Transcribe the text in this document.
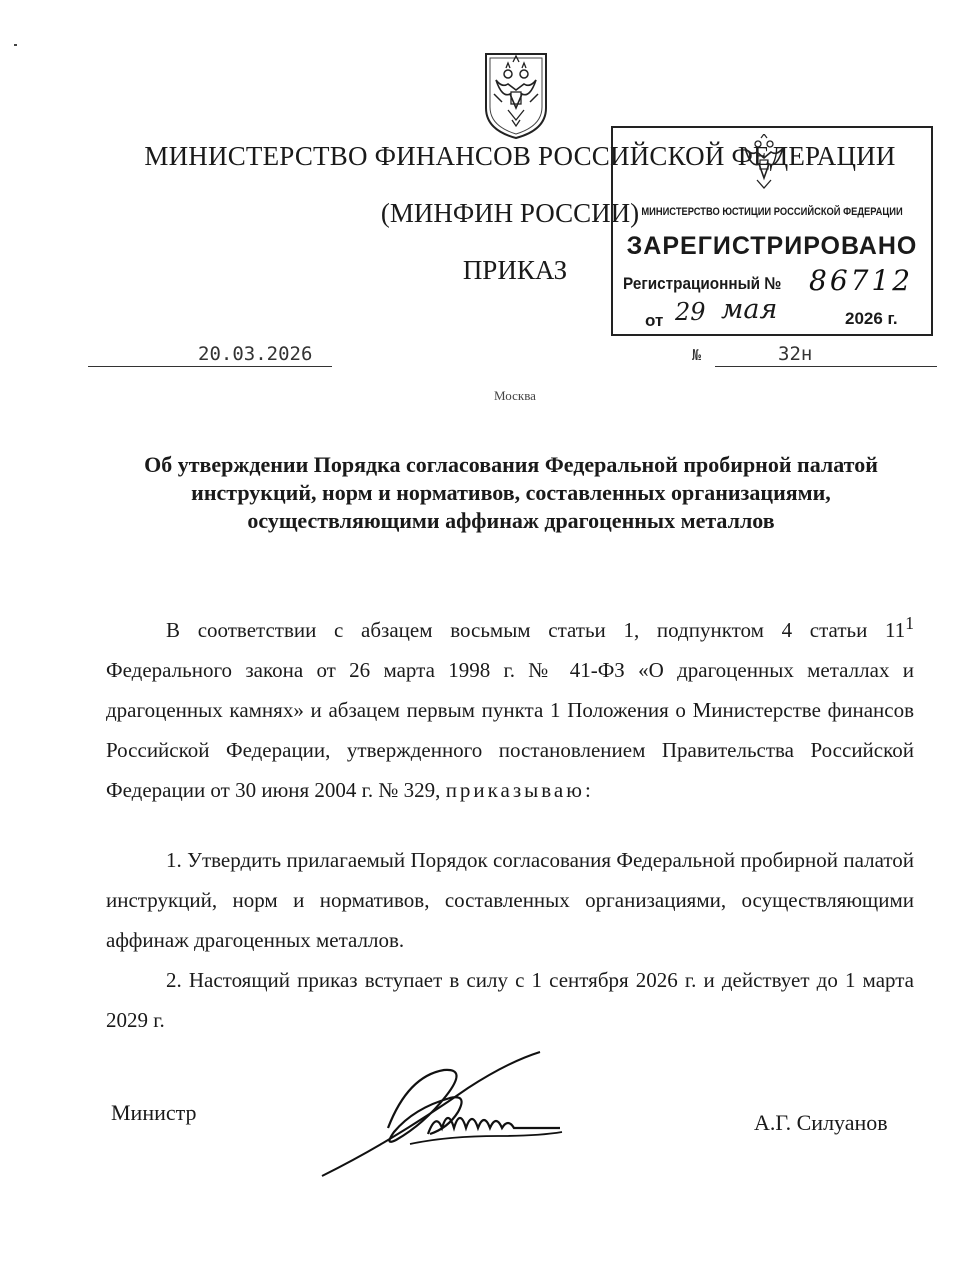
МИНИСТЕРСТВО ФИНАНСОВ РОССИЙСКОЙ ФЕДЕРАЦИИ
(МИНФИН РОССИИ)
ПРИКАЗ
20.03.2026	№	32н
Москва
МИНИСТЕРСТВО ЮСТИЦИИ РОССИЙСКОЙ ФЕДЕРАЦИИ
ЗАРЕГИСТРИРОВАНО
Регистрационный № 86712
от 29 мая	2026 г.
Об утверждении Порядка согласования Федеральной пробирной палатой инструкций, норм и нормативов, составленных организациями, осуществляющими аффинаж драгоценных металлов
В соответствии с абзацем восьмым статьи 1, подпунктом 4 статьи $11^1$ Федерального закона от 26 марта 1998 г. № 41-ФЗ «О драгоценных металлах и драгоценных камнях» и абзацем первым пункта 1 Положения о Министерстве финансов Российской Федерации, утвержденного постановлением Правительства Российской Федерации от 30 июня 2004 г. № 329, приказываю:
1. Утвердить прилагаемый Порядок согласования Федеральной пробирной палатой инструкций, норм и нормативов, составленных организациями, осуществляющими аффинаж драгоценных металлов.
2. Настоящий приказ вступает в силу с 1 сентября 2026 г. и действует до 1 марта 2029 г.
Министр	А.Г. Силуанов
